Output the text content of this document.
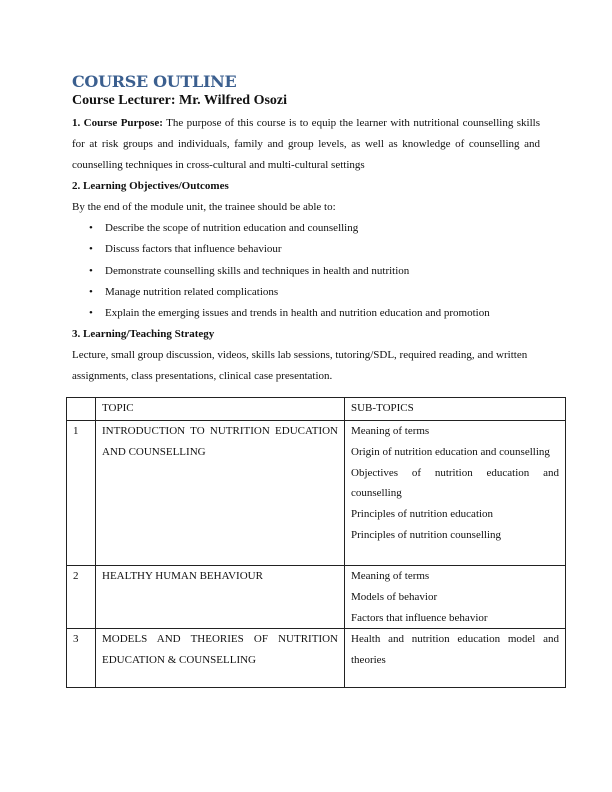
COURSE OUTLINE
Course Lecturer: Mr. Wilfred Osozi

1. Course Purpose: The purpose of this course is to equip the learner with nutritional counselling skills for at risk groups and individuals, family and group levels, as well as knowledge of counselling and counselling techniques in cross-cultural and multi-cultural settings

2. Learning Objectives/Outcomes

By the end of the module unit, the trainee should be able to:

• Describe the scope of nutrition education and counselling
• Discuss factors that influence behaviour
• Demonstrate counselling skills and techniques in health and nutrition
• Manage nutrition related complications
• Explain the emerging issues and trends in health and nutrition education and promotion

3. Learning/Teaching Strategy

Lecture, small group discussion, videos, skills lab sessions, tutoring/SDL, required reading, and written assignments, class presentations, clinical case presentation.

	TOPIC	SUB-TOPICS
1	INTRODUCTION TO NUTRITION EDUCATION AND COUNSELLING	Meaning of terms
Origin of nutrition education and counselling
Objectives of nutrition education and counselling
Principles of nutrition education
Principles of nutrition counselling

2	HEALTHY HUMAN BEHAVIOUR	Meaning of terms
Models of behavior
Factors that influence behavior

3	MODELS AND THEORIES OF NUTRITION EDUCATION & COUNSELLING	Health and nutrition education model and theories
